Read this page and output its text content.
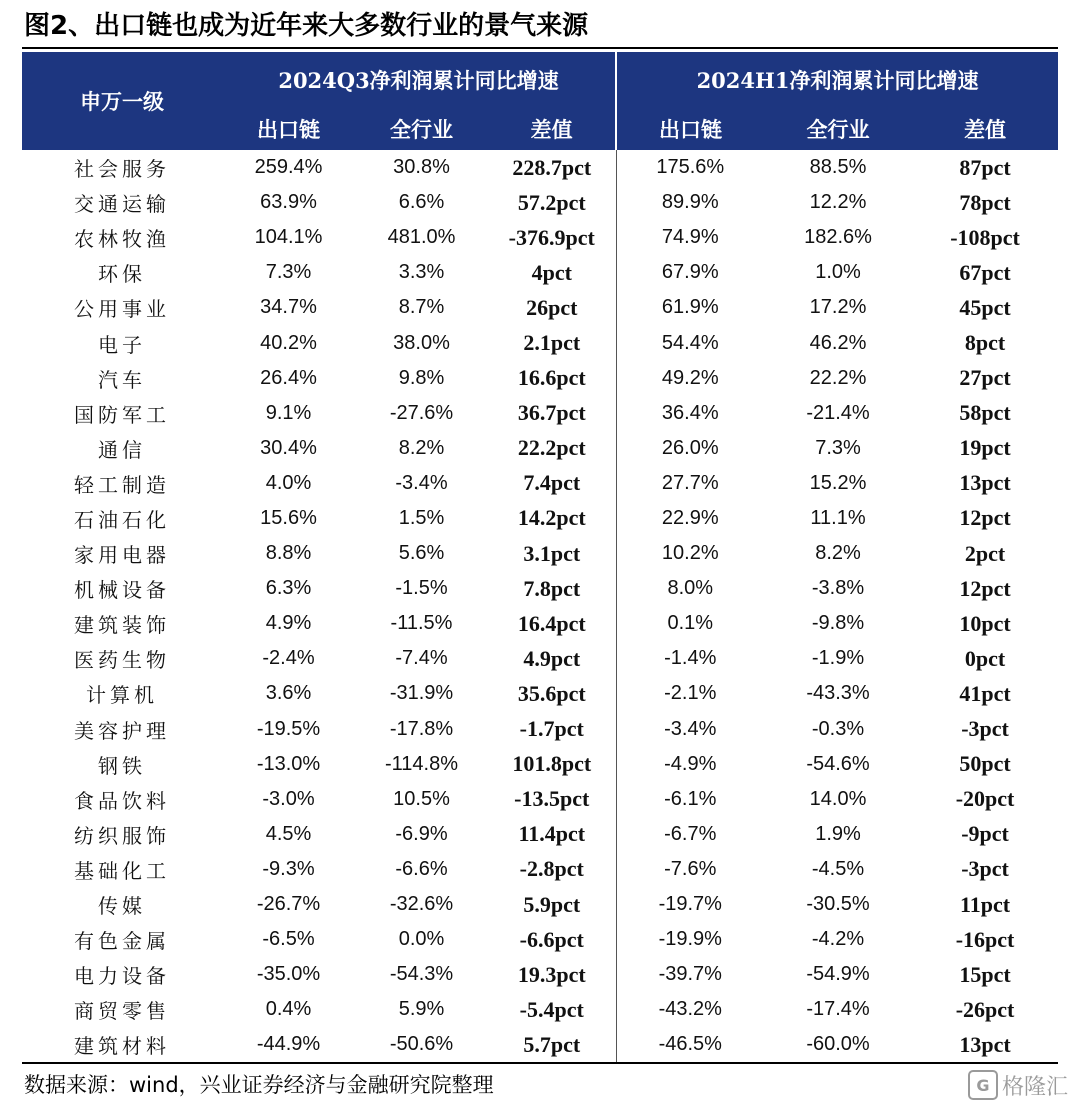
图2、出口链也成为近年来大多数行业的景气来源
申万一级	2024Q3净利润累计同比增速			2024H1净利润累计同比增速		
	出口链	全行业	差值	出口链	全行业	差值
社会服务	259.4%	30.8%	228.7pct	175.6%	88.5%	87pct
交通运输	63.9%	6.6%	57.2pct	89.9%	12.2%	78pct
农林牧渔	104.1%	481.0%	-376.9pct	74.9%	182.6%	-108pct
环保	7.3%	3.3%	4pct	67.9%	1.0%	67pct
公用事业	34.7%	8.7%	26pct	61.9%	17.2%	45pct
电子	40.2%	38.0%	2.1pct	54.4%	46.2%	8pct
汽车	26.4%	9.8%	16.6pct	49.2%	22.2%	27pct
国防军工	9.1%	-27.6%	36.7pct	36.4%	-21.4%	58pct
通信	30.4%	8.2%	22.2pct	26.0%	7.3%	19pct
轻工制造	4.0%	-3.4%	7.4pct	27.7%	15.2%	13pct
石油石化	15.6%	1.5%	14.2pct	22.9%	11.1%	12pct
家用电器	8.8%	5.6%	3.1pct	10.2%	8.2%	2pct
机械设备	6.3%	-1.5%	7.8pct	8.0%	-3.8%	12pct
建筑装饰	4.9%	-11.5%	16.4pct	0.1%	-9.8%	10pct
医药生物	-2.4%	-7.4%	4.9pct	-1.4%	-1.9%	0pct
计算机	3.6%	-31.9%	35.6pct	-2.1%	-43.3%	41pct
美容护理	-19.5%	-17.8%	-1.7pct	-3.4%	-0.3%	-3pct
钢铁	-13.0%	-114.8%	101.8pct	-4.9%	-54.6%	50pct
食品饮料	-3.0%	10.5%	-13.5pct	-6.1%	14.0%	-20pct
纺织服饰	4.5%	-6.9%	11.4pct	-6.7%	1.9%	-9pct
基础化工	-9.3%	-6.6%	-2.8pct	-7.6%	-4.5%	-3pct
传媒	-26.7%	-32.6%	5.9pct	-19.7%	-30.5%	11pct
有色金属	-6.5%	0.0%	-6.6pct	-19.9%	-4.2%	-16pct
电力设备	-35.0%	-54.3%	19.3pct	-39.7%	-54.9%	15pct
商贸零售	0.4%	5.9%	-5.4pct	-43.2%	-17.4%	-26pct
建筑材料	-44.9%	-50.6%	5.7pct	-46.5%	-60.0%	13pct
数据来源：wind，兴业证券经济与金融研究院整理	G 格隆汇
